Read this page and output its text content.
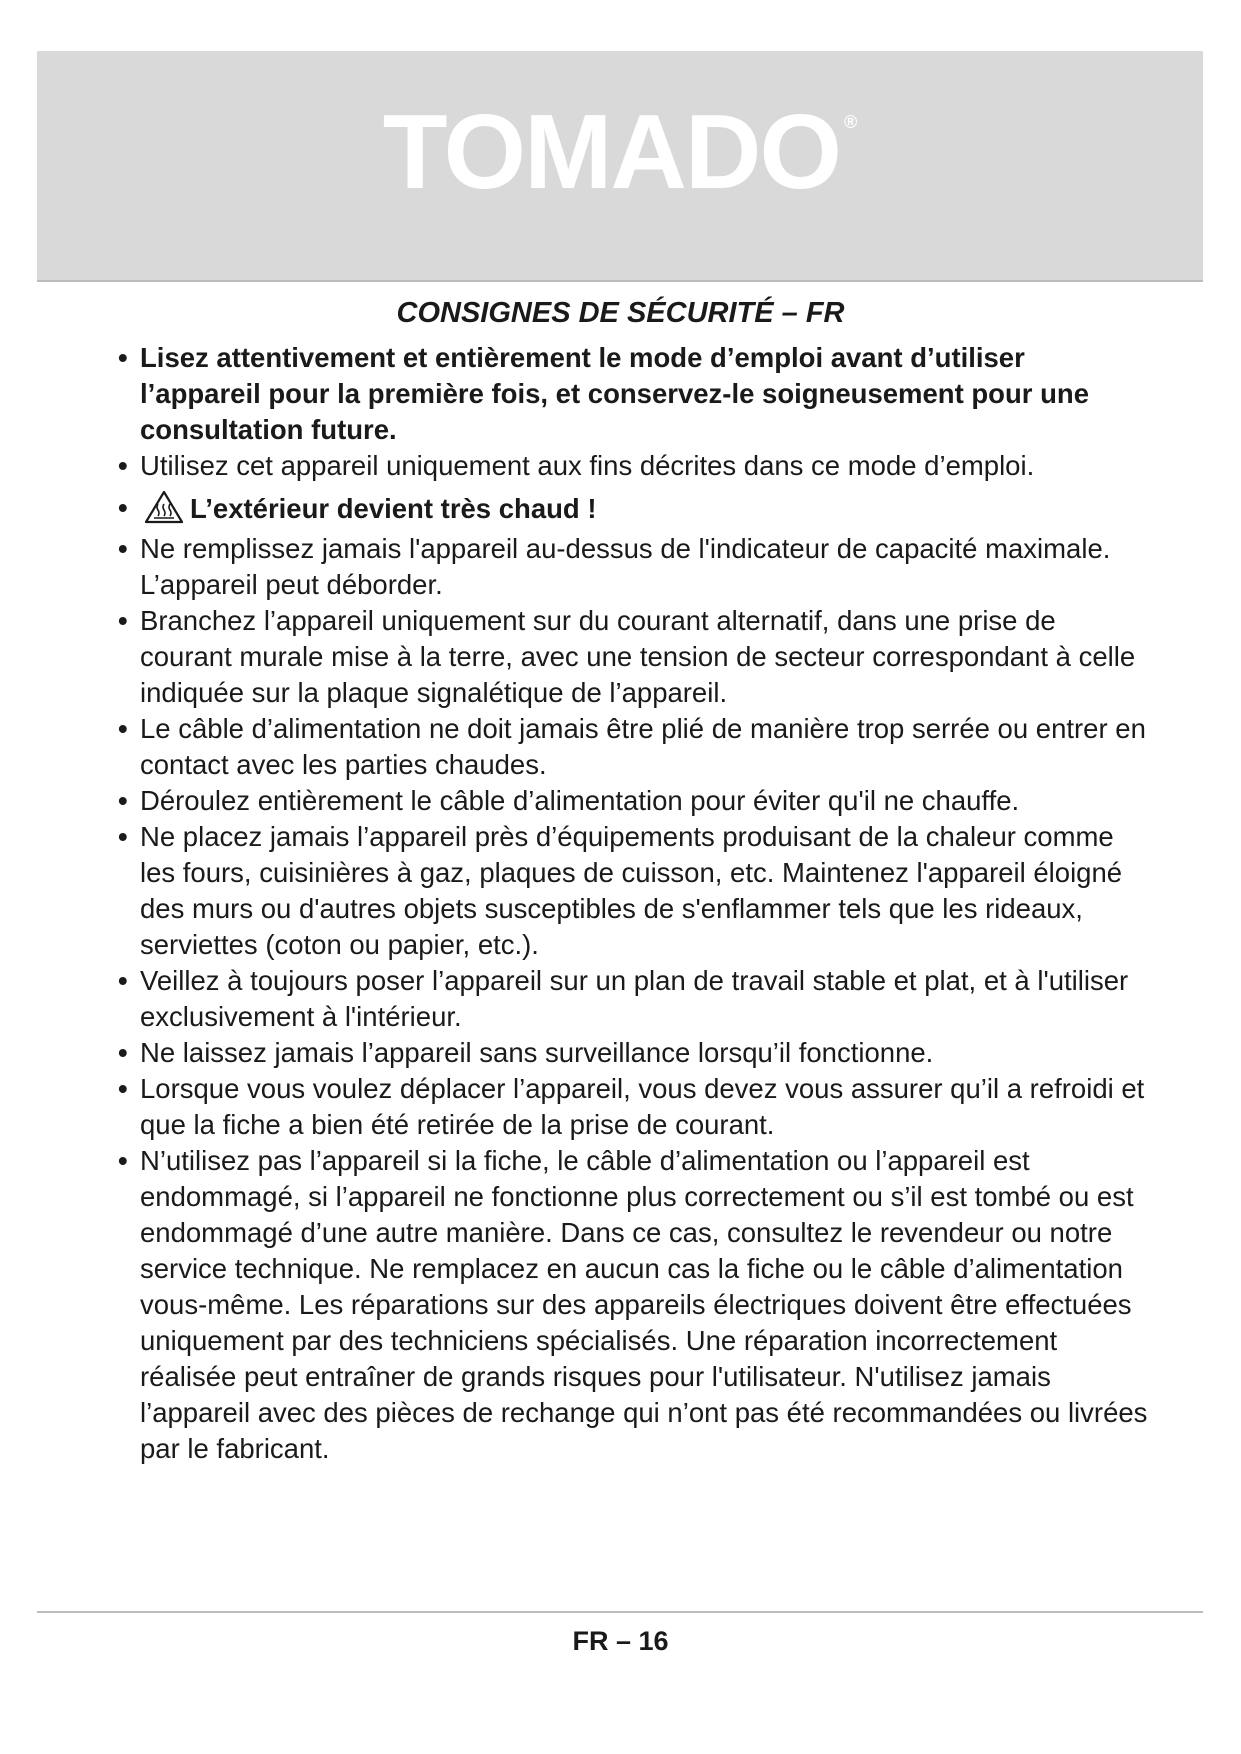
TOMADO ®
CONSIGNES DE SÉCURITÉ – FR
• Lisez attentivement et entièrement le mode d’emploi avant d’utiliser l’appareil pour la première fois, et conservez-le soigneusement pour une consultation future.
• Utilisez cet appareil uniquement aux fins décrites dans ce mode d’emploi.
• L’extérieur devient très chaud !
• Ne remplissez jamais l'appareil au-dessus de l'indicateur de capacité maximale. L’appareil peut déborder.
• Branchez l’appareil uniquement sur du courant alternatif, dans une prise de courant murale mise à la terre, avec une tension de secteur correspondant à celle indiquée sur la plaque signalétique de l’appareil.
• Le câble d’alimentation ne doit jamais être plié de manière trop serrée ou entrer en contact avec les parties chaudes.
• Déroulez entièrement le câble d’alimentation pour éviter qu'il ne chauffe.
• Ne placez jamais l’appareil près d’équipements produisant de la chaleur comme les fours, cuisinières à gaz, plaques de cuisson, etc. Maintenez l'appareil éloigné des murs ou d'autres objets susceptibles de s'enflammer tels que les rideaux, serviettes (coton ou papier, etc.).
• Veillez à toujours poser l’appareil sur un plan de travail stable et plat, et à l'utiliser exclusivement à l'intérieur.
• Ne laissez jamais l’appareil sans surveillance lorsqu’il fonctionne.
• Lorsque vous voulez déplacer l’appareil, vous devez vous assurer qu’il a refroidi et que la fiche a bien été retirée de la prise de courant.
• N’utilisez pas l’appareil si la fiche, le câble d’alimentation ou l’appareil est endommagé, si l’appareil ne fonctionne plus correctement ou s’il est tombé ou est endommagé d’une autre manière. Dans ce cas, consultez le revendeur ou notre service technique. Ne remplacez en aucun cas la fiche ou le câble d’alimentation vous-même. Les réparations sur des appareils électriques doivent être effectuées uniquement par des techniciens spécialisés. Une réparation incorrectement réalisée peut entraîner de grands risques pour l'utilisateur. N'utilisez jamais l’appareil avec des pièces de rechange qui n’ont pas été recommandées ou livrées par le fabricant.
FR – 16
